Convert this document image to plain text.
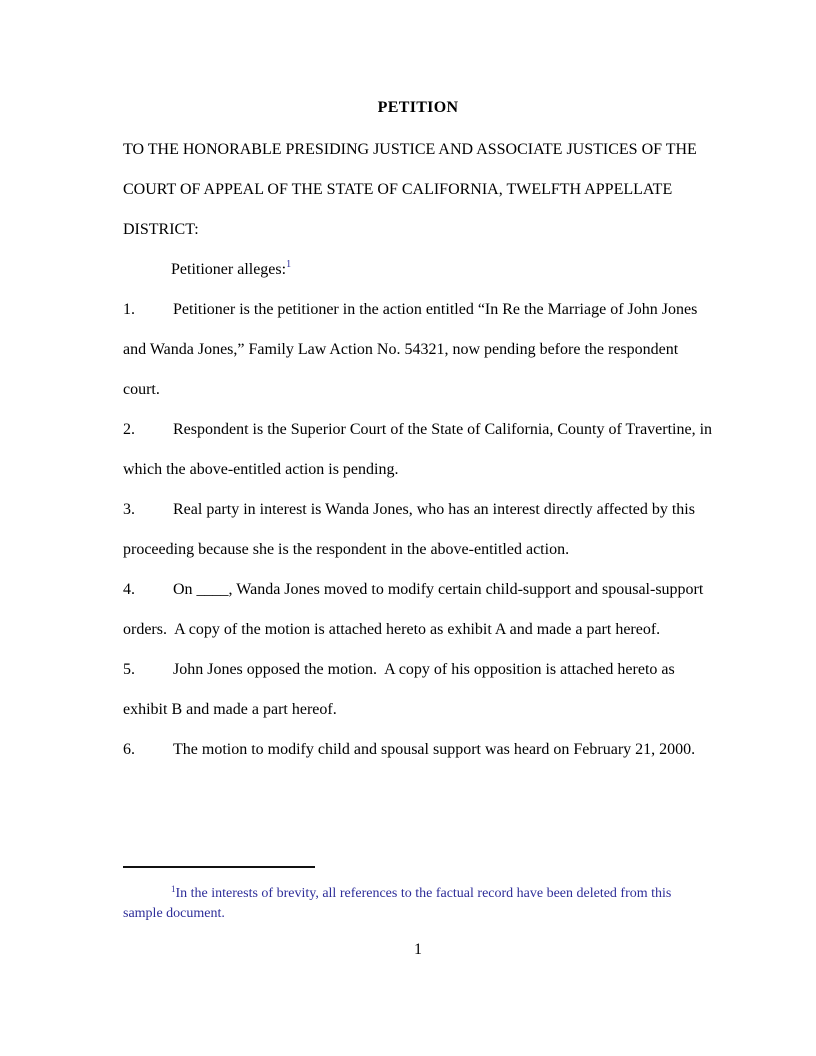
PETITION

TO THE HONORABLE PRESIDING JUSTICE AND ASSOCIATE JUSTICES OF THE COURT OF APPEAL OF THE STATE OF CALIFORNIA, TWELFTH APPELLATE DISTRICT:

Petitioner alleges:$^1$

1. Petitioner is the petitioner in the action entitled “In Re the Marriage of John Jones and Wanda Jones,” Family Law Action No. 54321, now pending before the respondent court.

2. Respondent is the Superior Court of the State of California, County of Travertine, in which the above-entitled action is pending.

3. Real party in interest is Wanda Jones, who has an interest directly affected by this proceeding because she is the respondent in the above-entitled action.

4. On ____, Wanda Jones moved to modify certain child-support and spousal-support orders.  A copy of the motion is attached hereto as exhibit A and made a part hereof.

5. John Jones opposed the motion.  A copy of his opposition is attached hereto as exhibit B and made a part hereof.

6. The motion to modify child and spousal support was heard on February 21, 2000.

$^1$In the interests of brevity, all references to the factual record have been deleted from this sample document.

1
